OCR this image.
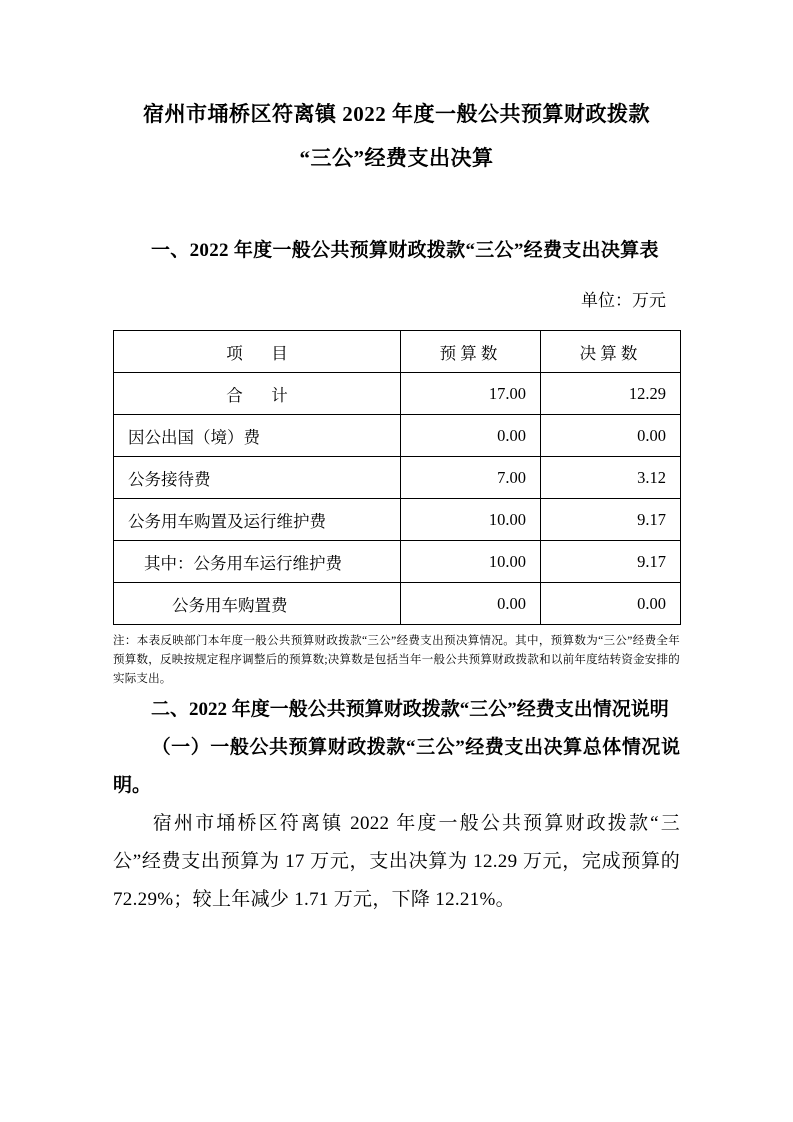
宿州市埇桥区符离镇 2022 年度一般公共预算财政拨款
“三公”经费支出决算
一、2022 年度一般公共预算财政拨款“三公”经费支出决算表
单位：万元
项　目	预 算 数	决 算 数
合　计	17.00	12.29
因公出国（境）费	0.00	0.00
公务接待费	7.00	3.12
公务用车购置及运行维护费	10.00	9.17
其中：公务用车运行维护费	10.00	9.17
公务用车购置费	0.00	0.00
注：本表反映部门本年度一般公共预算财政拨款“三公”经费支出预决算情况。其中，预算数为“三公”经费全年预算数，反映按规定程序调整后的预算数;决算数是包括当年一般公共预算财政拨款和以前年度结转资金安排的实际支出。
二、2022 年度一般公共预算财政拨款“三公”经费支出情况说明
（一）一般公共预算财政拨款“三公”经费支出决算总体情况说明。
宿州市埇桥区符离镇 2022 年度一般公共预算财政拨款“三公”经费支出预算为 17 万元，支出决算为 12.29 万元，完成预算的 72.29%；较上年减少 1.71 万元，下降 12.21%。
